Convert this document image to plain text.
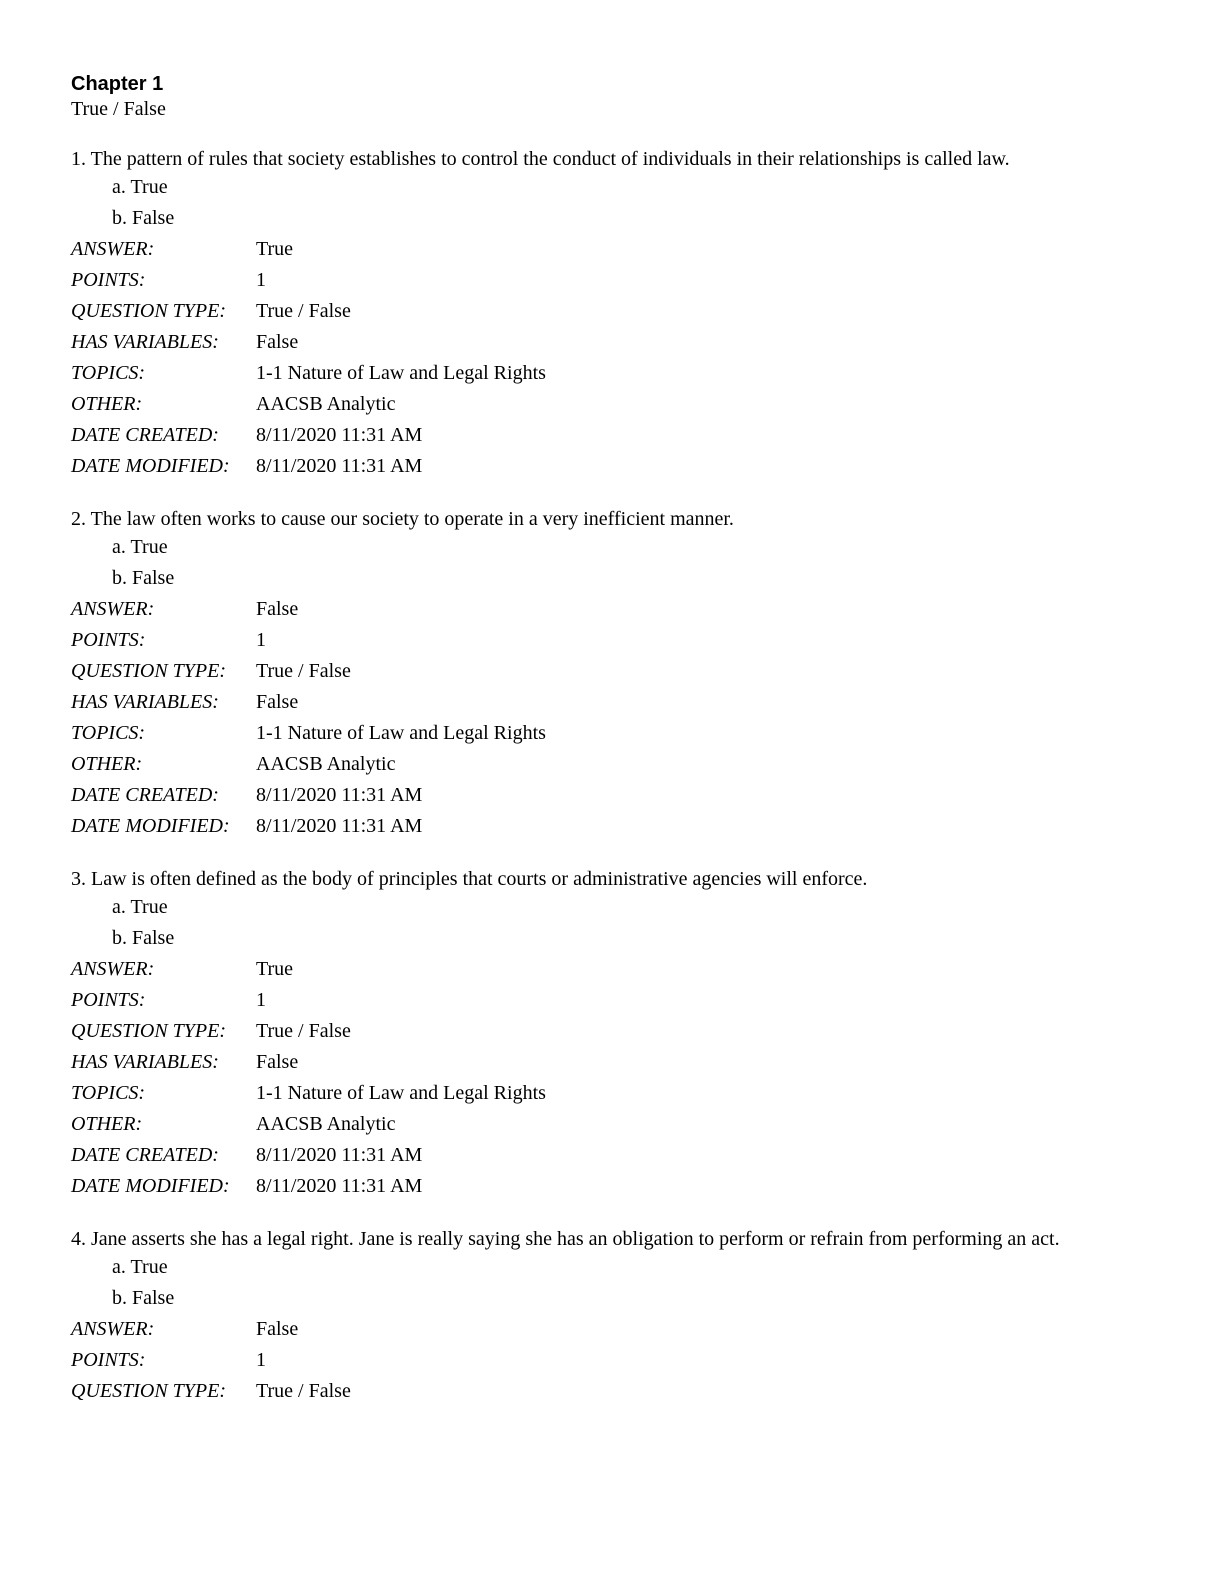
Chapter 1

True / False

1. The pattern of rules that society establishes to control the conduct of individuals in their relationships is called law.

a. True
b. False
ANSWER:	True
POINTS:	1
QUESTION TYPE:	True / False
HAS VARIABLES:	False
TOPICS:	1-1 Nature of Law and Legal Rights
OTHER:	AACSB Analytic
DATE CREATED:	8/11/2020 11:31 AM
DATE MODIFIED:	8/11/2020 11:31 AM

2. The law often works to cause our society to operate in a very inefficient manner.

a. True
b. False
ANSWER:	False
POINTS:	1
QUESTION TYPE:	True / False
HAS VARIABLES:	False
TOPICS:	1-1 Nature of Law and Legal Rights
OTHER:	AACSB Analytic
DATE CREATED:	8/11/2020 11:31 AM
DATE MODIFIED:	8/11/2020 11:31 AM

3. Law is often defined as the body of principles that courts or administrative agencies will enforce.

a. True
b. False
ANSWER:	True
POINTS:	1
QUESTION TYPE:	True / False
HAS VARIABLES:	False
TOPICS:	1-1 Nature of Law and Legal Rights
OTHER:	AACSB Analytic
DATE CREATED:	8/11/2020 11:31 AM
DATE MODIFIED:	8/11/2020 11:31 AM

4. Jane asserts she has a legal right. Jane is really saying she has an obligation to perform or refrain from performing an act.

a. True
b. False
ANSWER:	False
POINTS:	1
QUESTION TYPE:	True / False
